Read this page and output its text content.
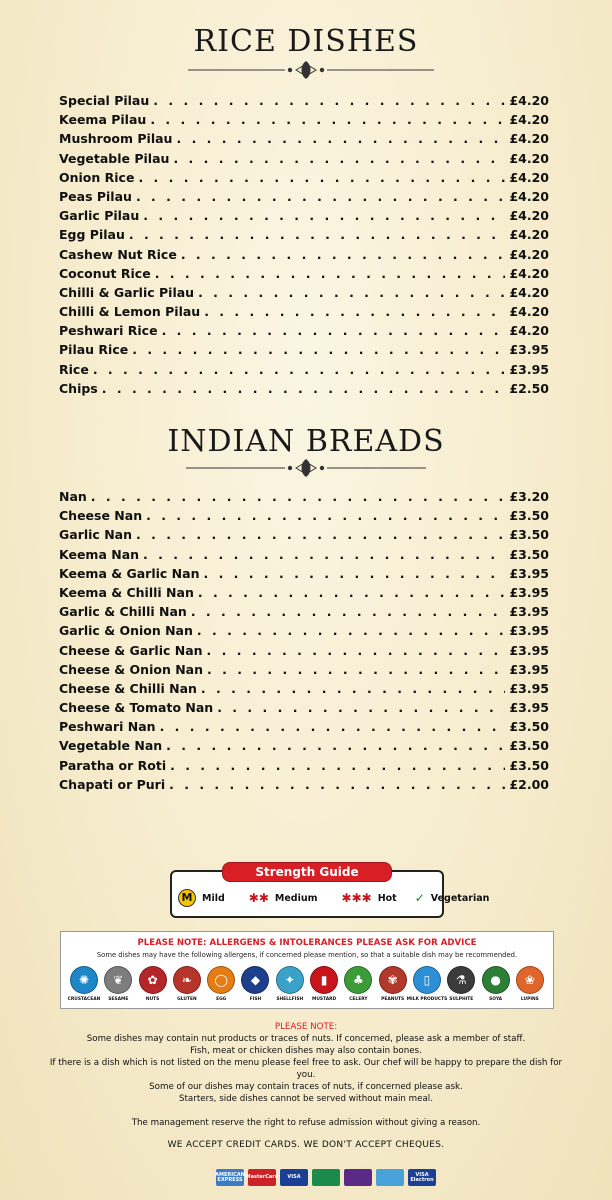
RICE DISHES
Special Pilau . . .	£4.20
Keema Pilau . . .	£4.20
Mushroom Pilau . . .	£4.20
Vegetable Pilau . . .	£4.20
Onion Rice . . .	£4.20
Peas Pilau . . .	£4.20
Garlic Pilau . . .	£4.20
Egg Pilau . . .	£4.20
Cashew Nut Rice . . .	£4.20
Coconut Rice . . .	£4.20
Chilli & Garlic Pilau . . .	£4.20
Chilli & Lemon Pilau . . .	£4.20
Peshwari Rice . . .	£4.20
Pilau Rice . . .	£3.95
Rice . . .	£3.95
Chips . . .	£2.50
INDIAN BREADS
Nan . . .	£3.20
Cheese Nan . . .	£3.50
Garlic Nan . . .	£3.50
Keema Nan . . .	£3.50
Keema & Garlic Nan . . .	£3.95
Keema & Chilli Nan . . .	£3.95
Garlic & Chilli Nan . . .	£3.95
Garlic & Onion Nan . . .	£3.95
Cheese & Garlic Nan . . .	£3.95
Cheese & Onion Nan . . .	£3.95
Cheese & Chilli Nan . . .	£3.95
Cheese & Tomato Nan . . .	£3.95
Peshwari Nan . . .	£3.50
Vegetable Nan . . .	£3.50
Paratha or Roti . . .	£3.50
Chapati or Puri . . .	£2.00
Strength Guide
M	Mild ✱✱ Medium ✱✱✱ Hot ✓ Vegetarian
PLEASE NOTE: ALLERGENS & INTOLERANCES PLEASE ASK FOR ADVICE
Some dishes may have the following allergens, if concerned please mention, so that a suitable dish may be recommended.
✺
CRUSTACEAN
❦
SESAME
✿
NUTS
❧
GLUTEN
◯
EGG
◆
FISH
✦
SHELLFISH
▮
MUSTARD
♣
CELERY
✾
PEANUTS
▯
MILK PRODUCTS
⚗
SULPHITE
●
SOYA
❀
LUPINS

PLEASE NOTE:

Some dishes may contain nut products or traces of nuts. If concerned, please ask a member of staff.

Fish, meat or chicken dishes may also contain bones.

If there is a dish which is not listed on the menu please feel free to ask. Our chef will be happy to prepare the dish for you.

Some of our dishes may contain traces of nuts, if concerned please ask.

Starters, side dishes cannot be served without main meal.

The management reserve the right to refuse admission without giving a reason.
WE ACCEPT CREDIT CARDS. WE DON'T ACCEPT CHEQUES.
AMERICAN EXPRESS MasterCard	VISA	VISA Electron
